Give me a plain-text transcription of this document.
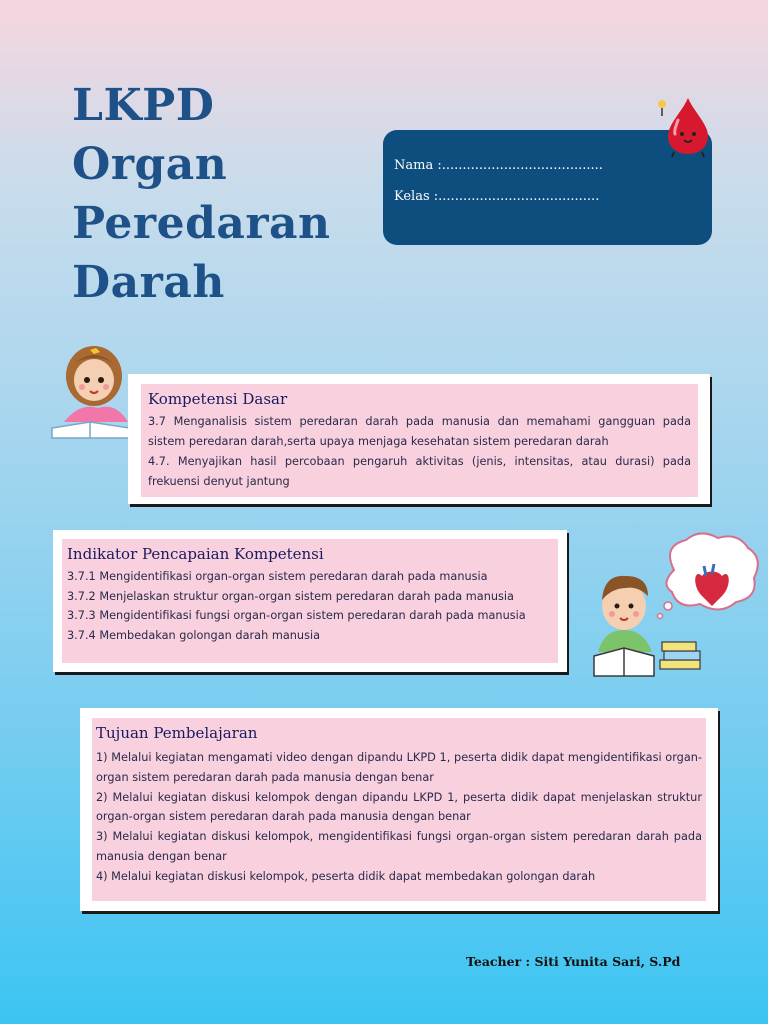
LKPD
Organ
Peredaran
Darah
Nama :.......................................
Kelas :.......................................
Kompetensi Dasar
3.7 Menganalisis sistem peredaran darah pada manusia dan memahami gangguan pada sistem peredaran darah,serta upaya menjaga kesehatan sistem peredaran darah
4.7. Menyajikan hasil percobaan pengaruh aktivitas (jenis, intensitas, atau durasi) pada frekuensi denyut jantung
Indikator Pencapaian Kompetensi
3.7.1 Mengidentifikasi organ-organ sistem peredaran darah pada manusia
3.7.2 Menjelaskan struktur organ-organ sistem peredaran darah pada manusia
3.7.3 Mengidentifikasi fungsi organ-organ sistem peredaran darah pada manusia
3.7.4 Membedakan golongan darah manusia
Tujuan Pembelajaran
1) Melalui kegiatan mengamati video dengan dipandu LKPD 1, peserta didik dapat mengidentifikasi organ-organ sistem peredaran darah pada manusia dengan benar
2) Melalui kegiatan diskusi kelompok dengan dipandu LKPD 1, peserta didik dapat menjelaskan struktur organ-organ sistem peredaran darah pada manusia dengan benar
3) Melalui kegiatan diskusi kelompok, mengidentifikasi fungsi organ-organ sistem peredaran darah pada manusia dengan benar
4) Melalui kegiatan diskusi kelompok, peserta didik dapat membedakan golongan darah
Teacher : Siti Yunita Sari, S.Pd
